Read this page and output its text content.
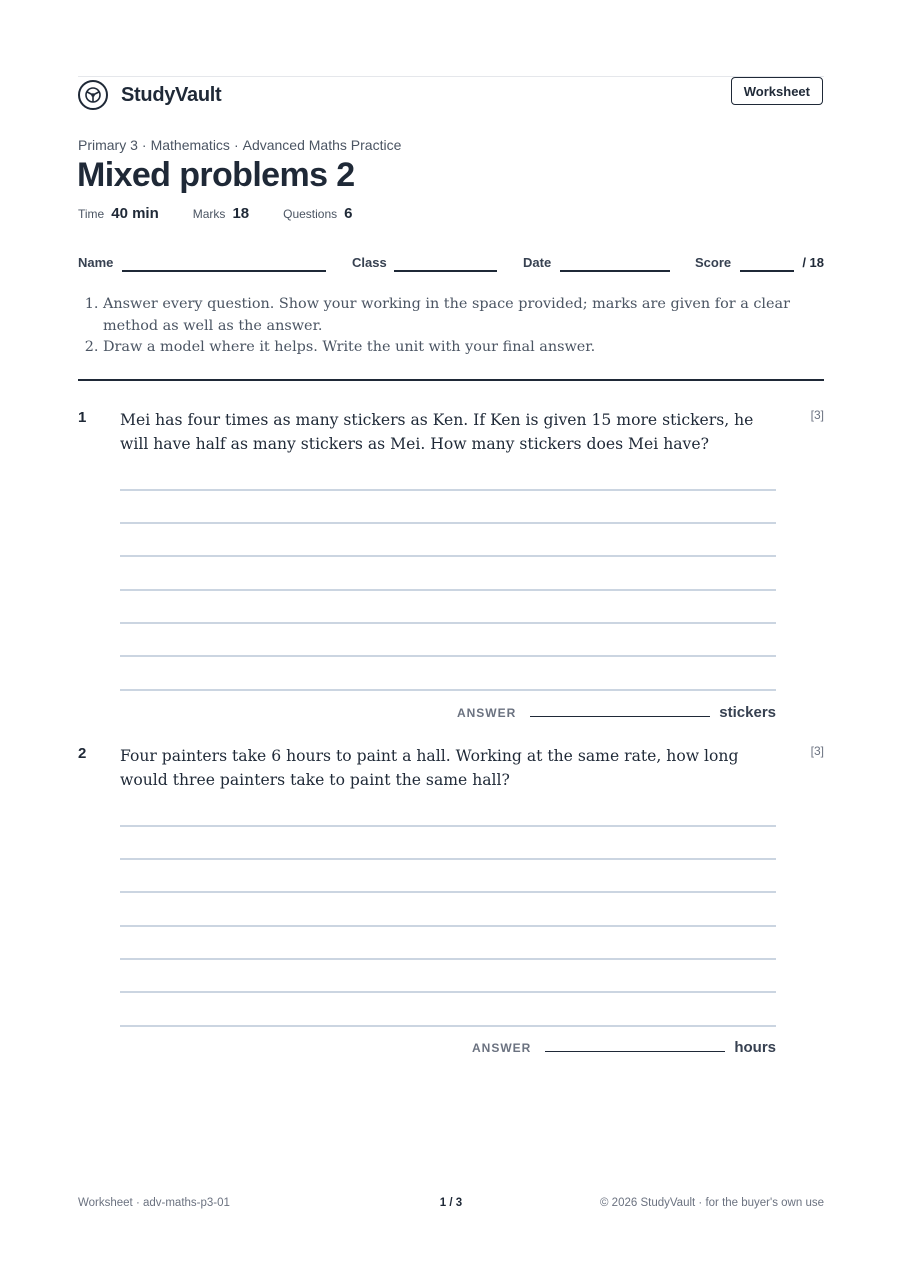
StudyVault	Worksheet
Primary 3 · Mathematics · Advanced Maths Practice
Mixed problems 2
Time 40 min	Marks 18	Questions 6
Name	Class	Date	Score	/ 18
1. Answer every question. Show your working in the space provided; marks are given for a clear method as well as the answer.
2. Draw a model where it helps. Write the unit with your final answer.
1 Mei has four times as many stickers as Ken. If Ken is given 15 more stickers, he will have half as many stickers as Mei. How many stickers does Mei have?

[3]
ANSWER	stickers
2 Four painters take 6 hours to paint a hall. Working at the same rate, how long would three painters take to paint the same hall?

[3]
ANSWER	hours
Worksheet · adv-maths-p3-01	1 / 3	© 2026 StudyVault · for the buyer's own use
